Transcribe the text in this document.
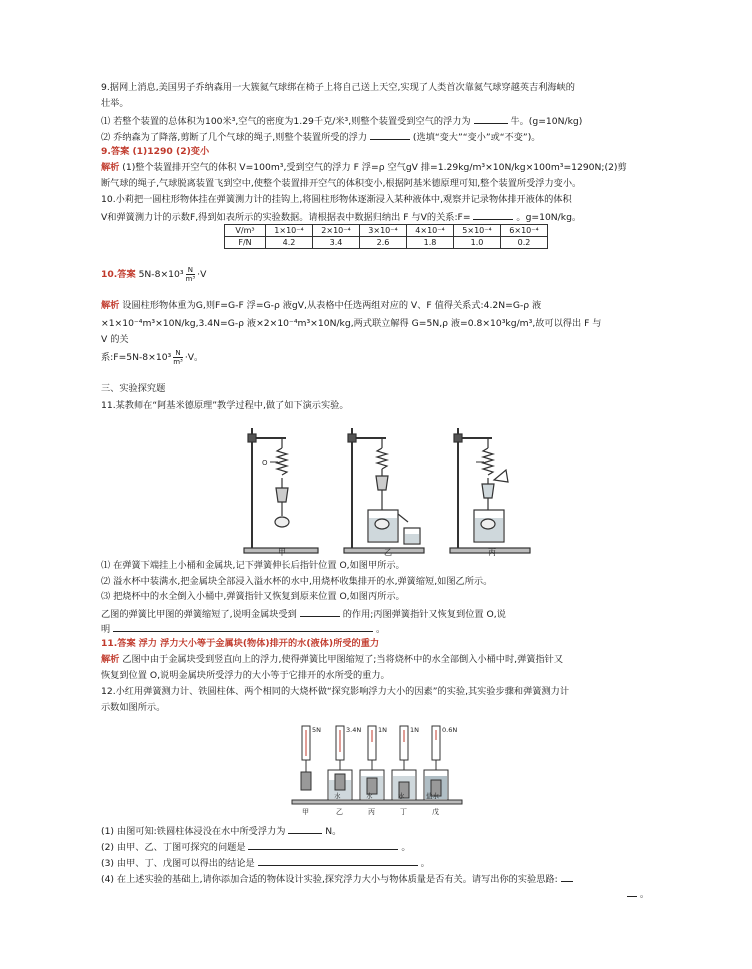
9.据网上消息,美国男子乔纳森用一大簇氦气球绑在椅子上将自己送上天空,实现了人类首次靠氦气球穿越英吉利海峡的
壮举。
⑴ 若整个装置的总体积为100米³,空气的密度为1.29千克/米³,则整个装置受到空气的浮力为	牛。(g=10N/kg)
⑵ 乔纳森为了降落,剪断了几个气球的绳子,则整个装置所受的浮力	(选填“变大”“变小”或“不变”)。
9.答案 (1)1290 (2)变小
解析 (1)整个装置排开空气的体积 V=100m³,受到空气的浮力 F 浮=ρ 空气gV 排=1.29kg/m³×10N/kg×100m³=1290N;(2)剪
断气球的绳子,气球脱离装置飞到空中,使整个装置排开空气的体积变小,根据阿基米德原理可知,整个装置所受浮力变小。
10.小莉把一圆柱形物体挂在弹簧测力计的挂钩上,将圆柱形物体逐渐浸入某种液体中,观察并记录物体排开液体的体积
V和弹簧测力计的示数F,得到如表所示的实验数据。请根据表中数据归纳出 F 与V的关系:F=	。g=10N/kg。
V/m³	1×10⁻⁴	2×10⁻⁴	3×10⁻⁴	4×10⁻⁴	5×10⁻⁴	6×10⁻⁴
F/N	4.2	3.4	2.6	1.8	1.0	0.2
10.答案 $5N-8\times 10^3 \frac{N}{\text{m³}} \cdot V$
解析 设圆柱形物体重为G,则F=G-F 浮=G-ρ 液gV,从表格中任选两组对应的 V、F 值得关系式:4.2N=G-ρ 液
×1×10⁻⁴m³×10N/kg,3.4N=G-ρ 液×2×10⁻⁴m³×10N/kg,两式联立解得 G=5N,ρ 液=0.8×10³kg/m³,故可以得出 F 与
V 的关
系:F=5N-8×10³ $\frac{N}{\text{m³}} \cdot V$。
三、实验探究题
11.某教师在“阿基米德原理”教学过程中,做了如下演示实验。
O
甲	乙	丙
⑴ 在弹簧下端挂上小桶和金属块,记下弹簧伸长后指针位置 O,如图甲所示。
⑵ 溢水杯中装满水,把金属块全部浸入溢水杯的水中,用烧杯收集排开的水,弹簧缩短,如图乙所示。
⑶ 把烧杯中的水全倒入小桶中,弹簧指针又恢复到原来位置 O,如图丙所示。
乙图的弹簧比甲图的弹簧缩短了,说明金属块受到	的作用;丙图弹簧指针又恢复到位置 O,说
明	。
11.答案 浮力 浮力大小等于金属块(物体)排开的水(液体)所受的重力
解析 乙图中由于金属块受到竖直向上的浮力,使得弹簧比甲图缩短了;当将烧杯中的水全部倒入小桶中时,弹簧指针又
恢复到位置 O,说明金属块所受浮力的大小等于它排开的水所受的重力。
12.小红用弹簧测力计、铁圆柱体、两个相同的大烧杯做“探究影响浮力大小的因素”的实验,其实验步骤和弹簧测力计
示数如图所示。
5N	3.4N	1N	1N	0.6N
水	水	水	盐水
甲	乙	丙	丁	戊
(1) 由图可知:铁圆柱体浸没在水中所受浮力为	N。
(2) 由甲、乙、丁图可探究的问题是	。
(3) 由甲、丁、戊图可以得出的结论是	。
(4) 在上述实验的基础上,请你添加合适的物体设计实验,探究浮力大小与物体质量是否有关。请写出你的实验思路:
。
